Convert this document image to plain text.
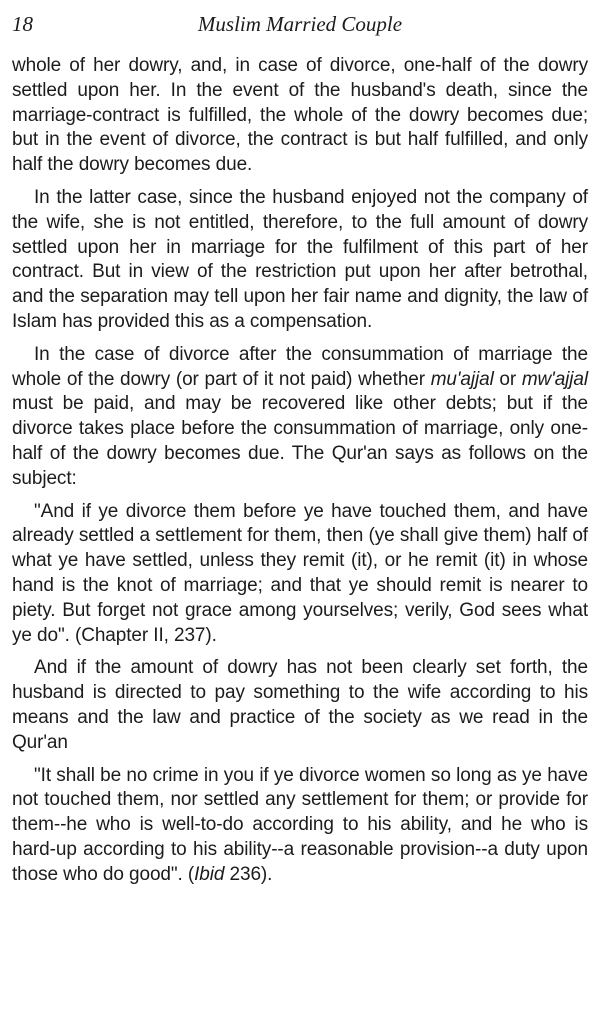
18	Muslim Married Couple

whole of her dowry, and, in case of divorce, one-half of the dowry settled upon her. In the event of the husband's death, since the marriage-contract is fulfilled, the whole of the dowry becomes due; but in the event of divorce, the contract is but half fulfilled, and only half the dowry becomes due.

In the latter case, since the husband enjoyed not the company of the wife, she is not entitled, therefore, to the full amount of dowry settled upon her in marriage for the fulfilment of this part of her contract. But in view of the restriction put upon her after betrothal, and the separation may tell upon her fair name and dignity, the law of Islam has provided this as a compensation.

In the case of divorce after the consummation of marriage the whole of the dowry (or part of it not paid) whether mu'ajjal or mw'ajjal must be paid, and may be recovered like other debts; but if the divorce takes place before the consummation of marriage, only one-half of the dowry becomes due. The Qur'an says as follows on the subject:

"And if ye divorce them before ye have touched them, and have already settled a settlement for them, then (ye shall give them) half of what ye have settled, unless they remit (it), or he remit (it) in whose hand is the knot of marriage; and that ye should remit is nearer to piety. But forget not grace among yourselves; verily, God sees what ye do". (Chapter II, 237).

And if the amount of dowry has not been clearly set forth, the husband is directed to pay something to the wife according to his means and the law and practice of the society as we read in the Qur'an

"It shall be no crime in you if ye divorce women so long as ye have not touched them, nor settled any settlement for them; or provide for them--he who is well-to-do according to his ability, and he who is hard-up according to his ability--a reasonable provision--a duty upon those who do good". (Ibid 236).
